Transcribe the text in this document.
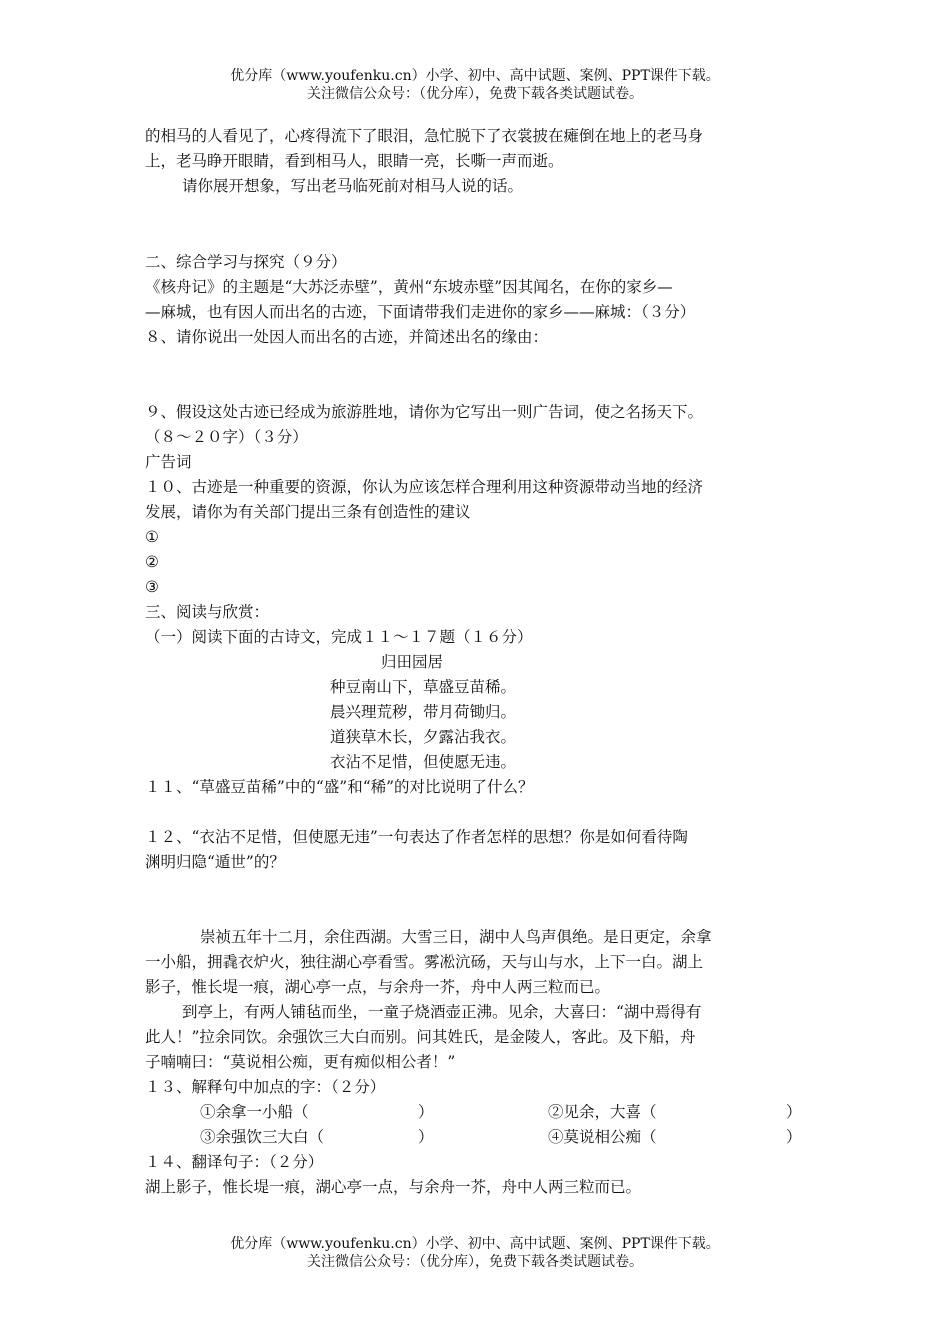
优分库（www.youfenku.cn）小学、初中、高中试题、案例、PPT课件下载。
关注微信公众号：（优分库），免费下载各类试题试卷。
的相马的人看见了，心疼得流下了眼泪，急忙脱下了衣裳披在瘫倒在地上的老马身
上，老马睁开眼睛，看到相马人，眼睛一亮，长嘶一声而逝。
请你展开想象，写出老马临死前对相马人说的话。
二、综合学习与探究（９分）
《核舟记》的主题是“大苏泛赤壁”，黄州“东坡赤壁”因其闻名，在你的家乡—
—麻城，也有因人而出名的古迹，下面请带我们走进你的家乡——麻城：（３分）
８、请你说出一处因人而出名的古迹，并简述出名的缘由：
９、假设这处古迹已经成为旅游胜地，请你为它写出一则广告词，使之名扬天下。
（８～２０字）（３分）
广告词
１０、古迹是一种重要的资源，你认为应该怎样合理利用这种资源带动当地的经济
发展，请你为有关部门提出三条有创造性的建议
①
②
③
三、阅读与欣赏：
（一）阅读下面的古诗文，完成１１～１７题（１６分）
归田园居
种豆南山下，草盛豆苗稀。
晨兴理荒秽，带月荷锄归。
道狭草木长，夕露沾我衣。
衣沾不足惜，但使愿无违。
１１、“草盛豆苗稀”中的“盛”和“稀”的对比说明了什么？
１２、“衣沾不足惜，但使愿无违”一句表达了作者怎样的思想？你是如何看待陶
渊明归隐“遁世”的？
崇祯五年十二月，余住西湖。大雪三日，湖中人鸟声俱绝。是日更定，余拿
一小船，拥毳衣炉火，独往湖心亭看雪。雾凇沆砀，天与山与水，上下一白。湖上
影子，惟长堤一痕，湖心亭一点，与余舟一芥，舟中人两三粒而已。
到亭上，有两人铺毡而坐，一童子烧酒壶正沸。见余，大喜曰：“湖中焉得有
此人！”拉余同饮。余强饮三大白而别。问其姓氏，是金陵人，客此。及下船，舟
子喃喃曰：“莫说相公痴，更有痴似相公者！”
１３、解释句中加点的字：（２分）
①余拿一小船（	）	②见余，大喜（	）
③余强饮三大白（	）	④莫说相公痴（	）
１４、翻译句子：（２分）
湖上影子，惟长堤一痕，湖心亭一点，与余舟一芥，舟中人两三粒而已。
优分库（www.youfenku.cn）小学、初中、高中试题、案例、PPT课件下载。
关注微信公众号：（优分库），免费下载各类试题试卷。
